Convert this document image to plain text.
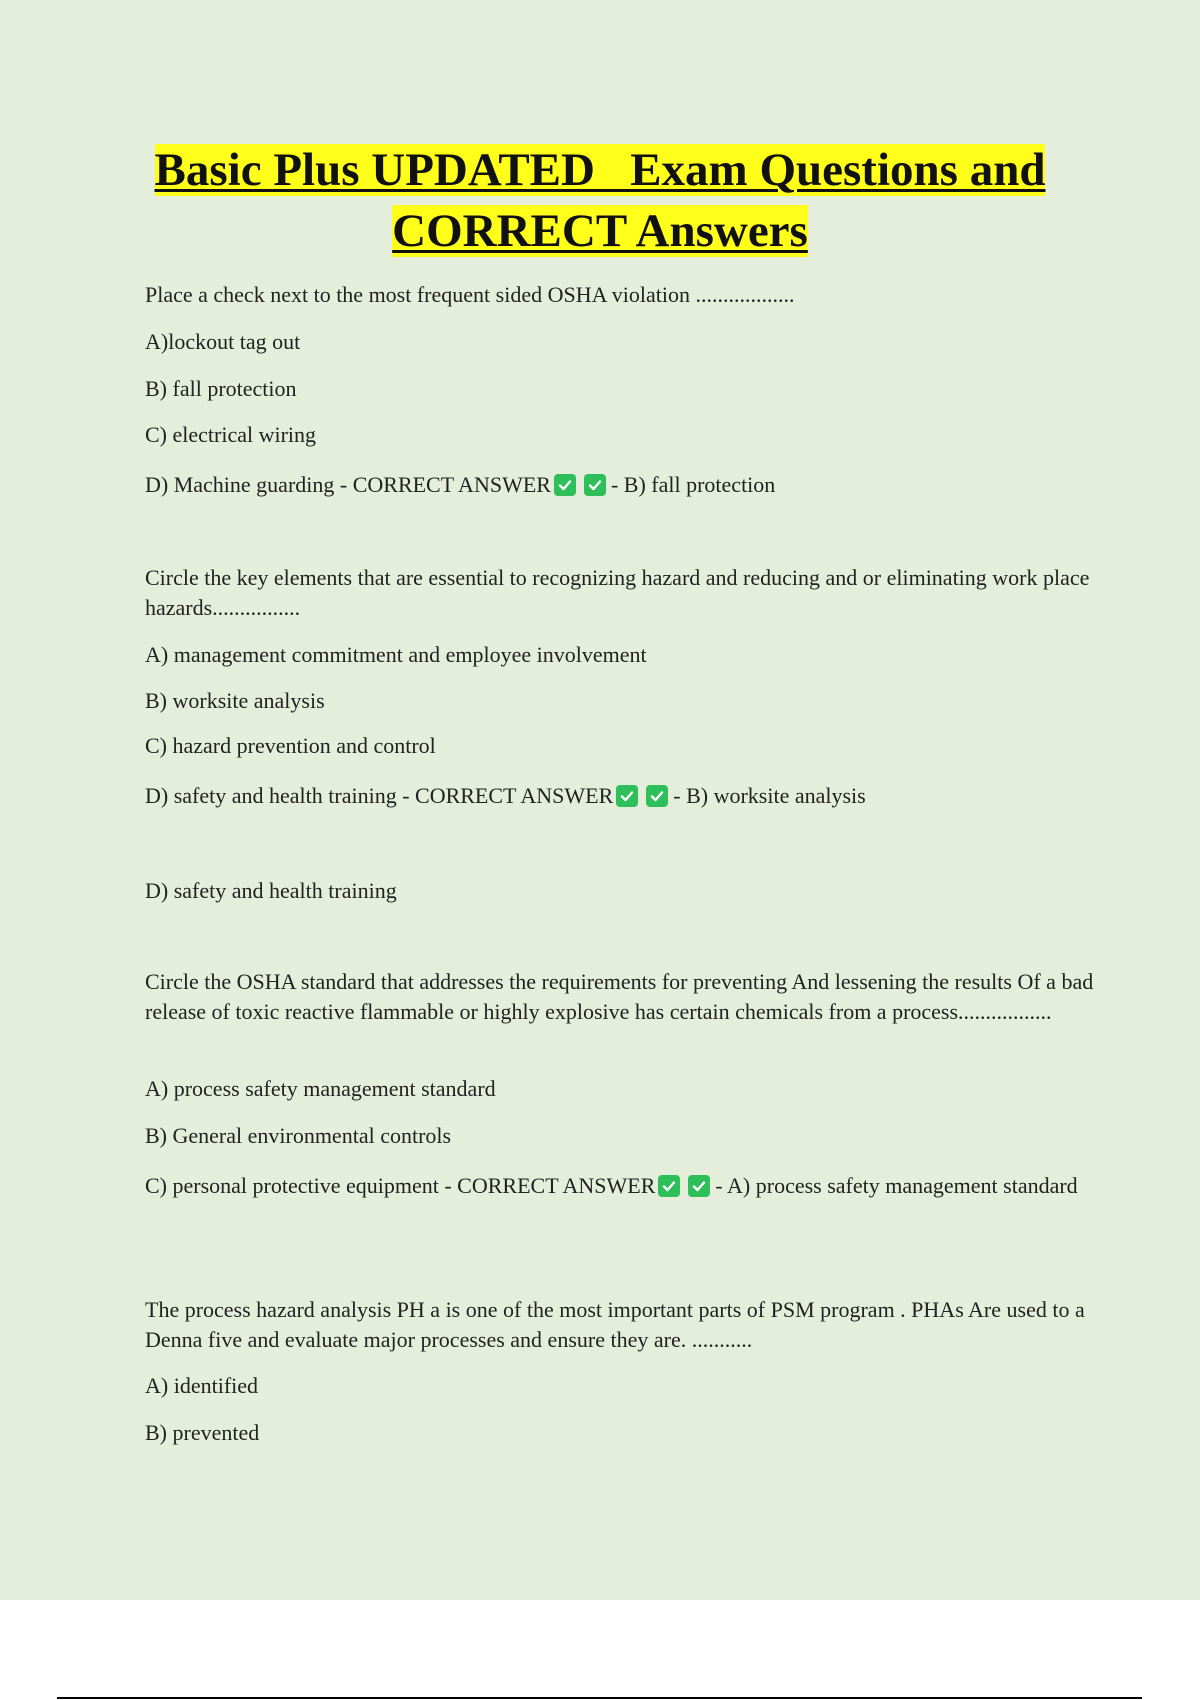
Basic Plus UPDATED   Exam Questions and
CORRECT Answers

Place a check next to the most frequent sided OSHA violation ..................

A)lockout tag out

B) fall protection

C) electrical wiring

D) Machine guarding - CORRECT ANSWER	- B) fall protection

Circle the key elements that are essential to recognizing hazard and reducing and or eliminating work place hazards................

A) management commitment and employee involvement

B) worksite analysis

C) hazard prevention and control

D) safety and health training - CORRECT ANSWER	- B) worksite analysis

D) safety and health training

Circle the OSHA standard that addresses the requirements for preventing And lessening the results Of a bad release of toxic reactive flammable or highly explosive has certain chemicals from a process.................

A) process safety management standard

B) General environmental controls

C) personal protective equipment - CORRECT ANSWER	- A) process safety management standard

The process hazard analysis PH a is one of the most important parts of PSM program . PHAs Are used to a Denna five and evaluate major processes and ensure they are. ...........

A) identified

B) prevented
